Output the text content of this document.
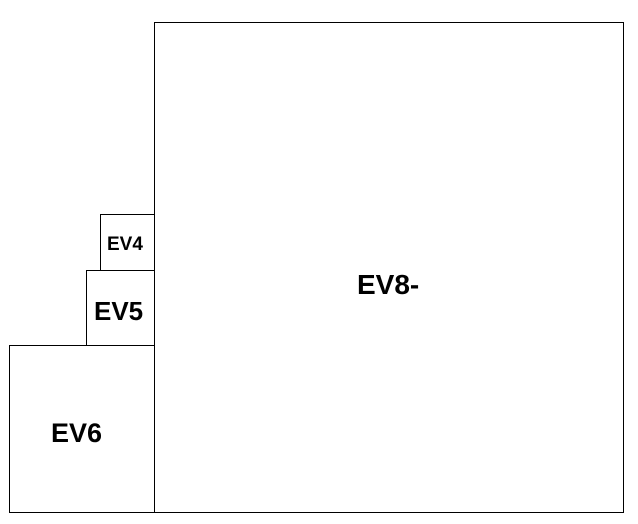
EV8-
EV6
EV5
EV4
